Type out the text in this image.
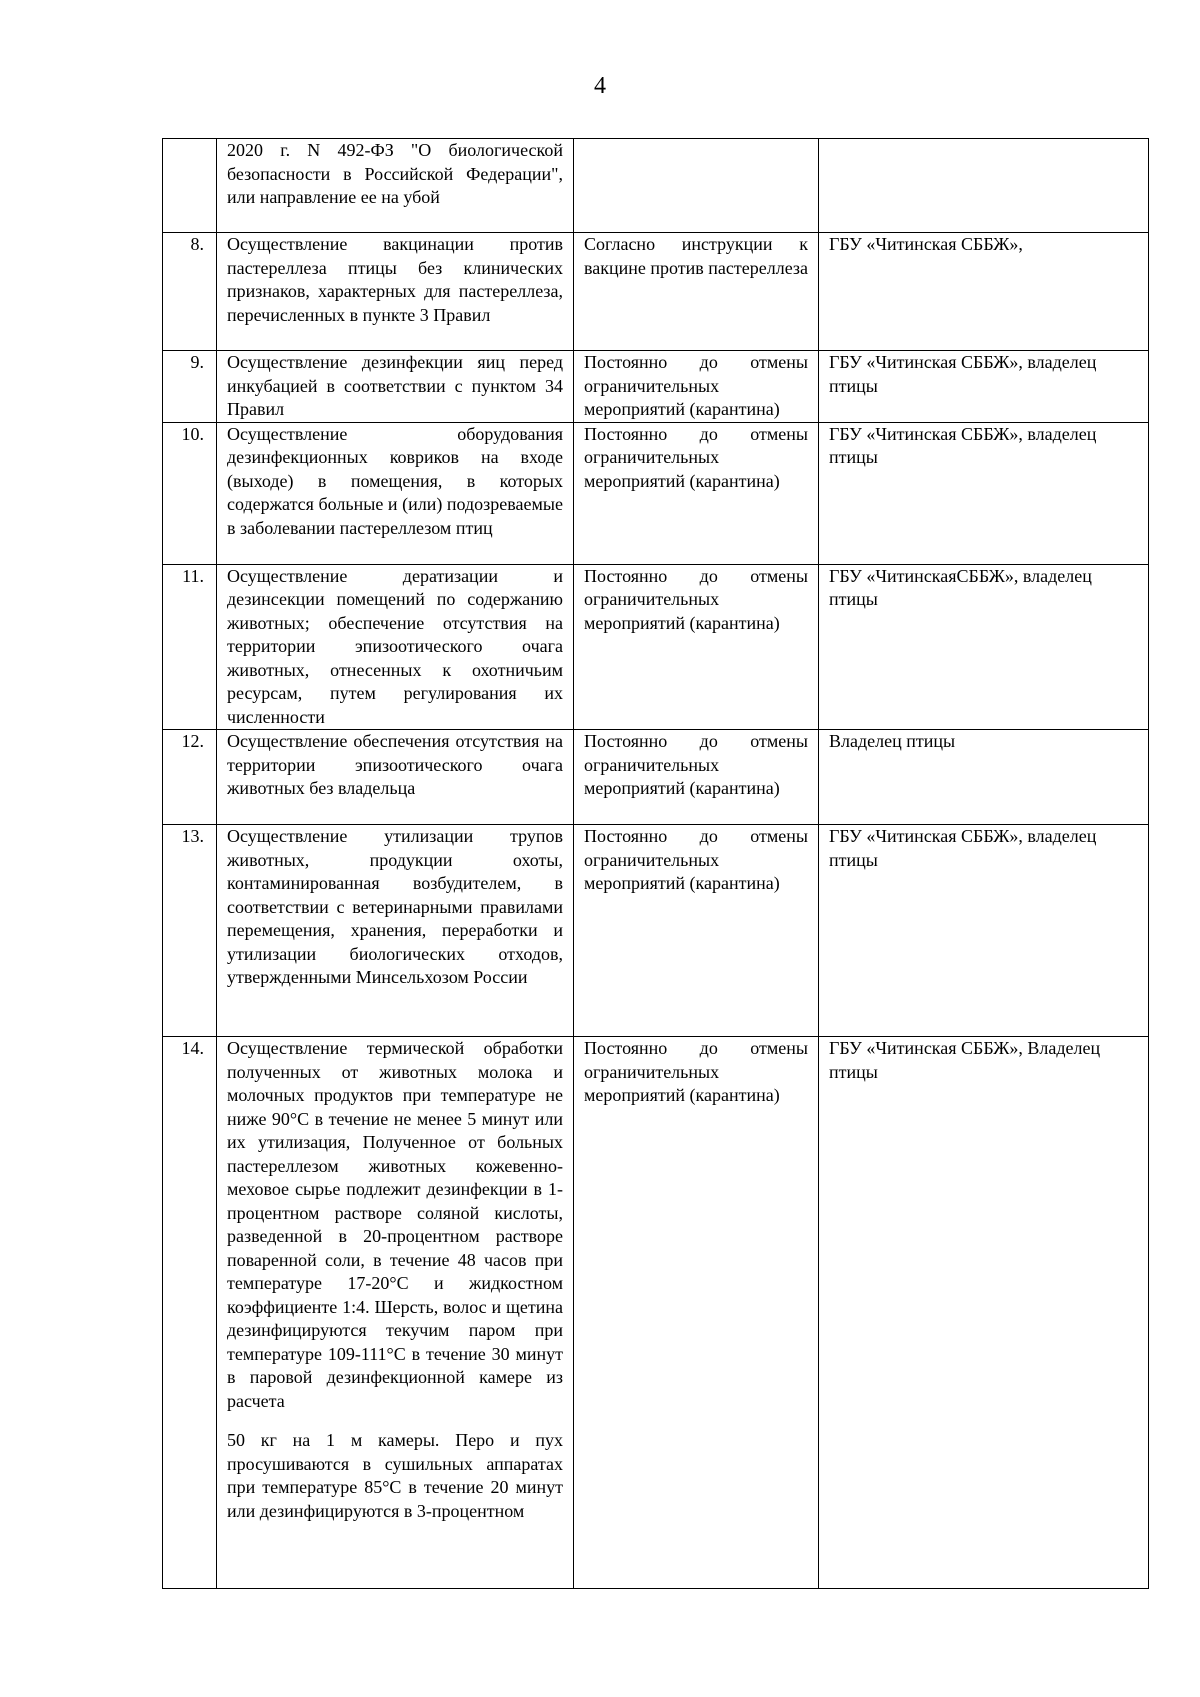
4
	2020 г. N 492-ФЗ "О биологической безопасности в Российской Федерации", или направление ее на убой		
8.	Осуществление вакцинации против пастереллеза птицы без клинических признаков, характерных для пастереллеза, перечисленных в пункте 3 Правил	Согласно инструкции к вакцине против пастереллеза	ГБУ «Читинская СББЖ»,
9.	Осуществление дезинфекции яиц перед инкубацией в соответствии с пунктом 34 Правил	Постоянно до отмены ограничительных мероприятий (карантина)	ГБУ «Читинская СББЖ», владелец птицы
10.	Осуществление оборудования дезинфекционных ковриков на входе (выходе) в помещения, в которых содержатся больные и (или) подозреваемые в заболевании пастереллезом птиц	Постоянно до отмены ограничительных мероприятий (карантина)	ГБУ «Читинская СББЖ», владелец птицы
11.	Осуществление дератизации и дезинсекции помещений по содержанию животных; обеспечение отсутствия на территории эпизоотического очага животных, отнесенных к охотничьим ресурсам, путем регулирования их численности	Постоянно до отмены ограничительных мероприятий (карантина)	ГБУ «ЧитинскаяСББЖ», владелец птицы
12.	Осуществление обеспечения отсутствия на территории эпизоотического очага животных без владельца	Постоянно до отмены ограничительных мероприятий (карантина)	Владелец птицы
13.	Осуществление утилизации трупов животных, продукции охоты, контаминированная возбудителем, в соответствии с ветеринарными правилами перемещения, хранения, переработки и утилизации биологических отходов, утвержденными Минсельхозом России	Постоянно до отмены ограничительных мероприятий (карантина)	ГБУ «Читинская СББЖ», владелец птицы
14.	Осуществление термической обработки полученных от животных молока и молочных продуктов при температуре не ниже 90°С в течение не менее 5 минут или их утилизация, Полученное от больных пастереллезом животных кожевенно-меховое сырье подлежит дезинфекции в 1-процентном растворе соляной кислоты, разведенной в 20-процентном растворе поваренной соли, в течение 48 часов при температуре 17-20°С и жидкостном коэффициенте 1:4. Шерсть, волос и щетина дезинфицируются текучим паром при температуре 109-111°С в течение 30 минут в паровой дезинфекционной камере из расчета
50 кг на 1 м камеры. Перо и пух просушиваются в сушильных аппаратах при температуре 85°С в течение 20 минут или дезинфицируются в 3-процентном	Постоянно до отмены ограничительных мероприятий (карантина)	ГБУ «Читинская СББЖ», Владелец птицы
